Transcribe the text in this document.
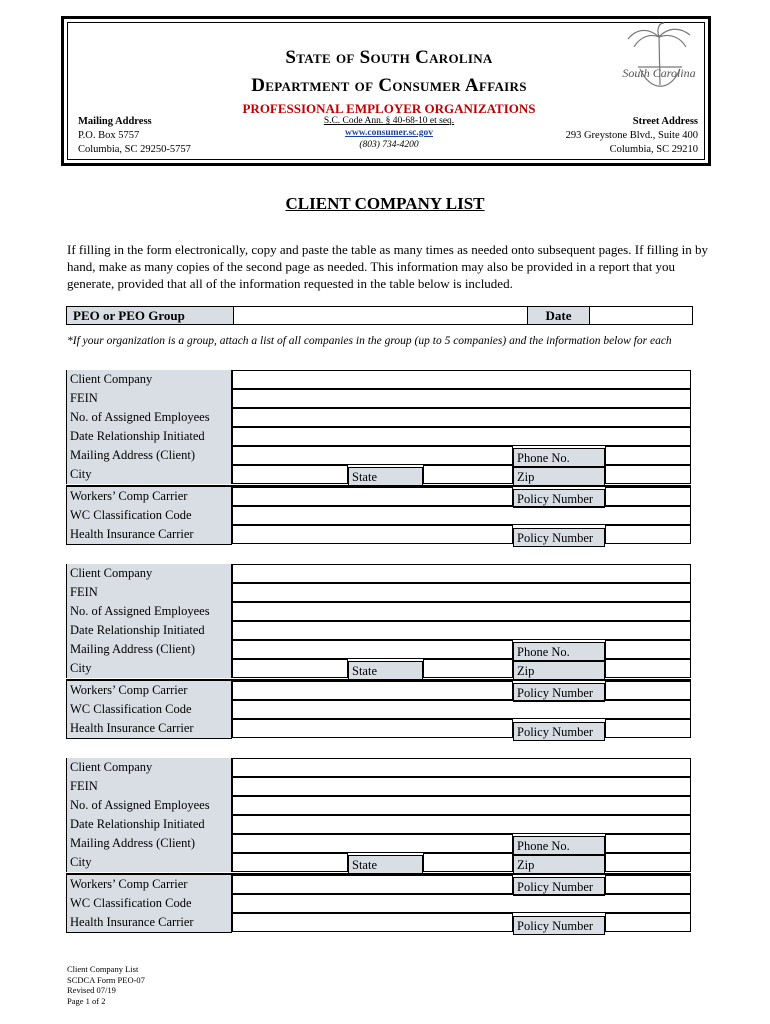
State of South Carolina
Department of Consumer Affairs
PROFESSIONAL EMPLOYER ORGANIZATIONS
Mailing Address
P.O. Box 5757
Columbia, SC 29250-5757
S.C. Code Ann. § 40-68-10 et seq.
www.consumer.sc.gov
(803) 734-4200
Street Address
293 Greystone Blvd., Suite 400
Columbia, SC 29210
South Carolina
CLIENT COMPANY LIST
If filling in the form electronically, copy and paste the table as many times as needed onto subsequent pages. If filling in by hand, make as many copies of the second page as needed. This information may also be provided in a report that you generate, provided that all of the information requested in the table below is included.
PEO or PEO Group	Date
*If your organization is a group, attach a list of all companies in the group (up to 5 companies) and the information below for each
Client Company
FEIN
No. of Assigned Employees
Date Relationship Initiated
Mailing Address (Client)	Phone No.
City	State	Zip
Workers’ Comp Carrier	Policy Number
WC Classification Code
Health Insurance Carrier	Policy Number
Client Company
FEIN
No. of Assigned Employees
Date Relationship Initiated
Mailing Address (Client)	Phone No.
City	State	Zip
Workers’ Comp Carrier	Policy Number
WC Classification Code
Health Insurance Carrier	Policy Number
Client Company
FEIN
No. of Assigned Employees
Date Relationship Initiated
Mailing Address (Client)	Phone No.
City	State	Zip
Workers’ Comp Carrier	Policy Number
WC Classification Code
Health Insurance Carrier	Policy Number
Client Company List
SCDCA Form PEO-07
Revised 07/19
Page 1 of 2
